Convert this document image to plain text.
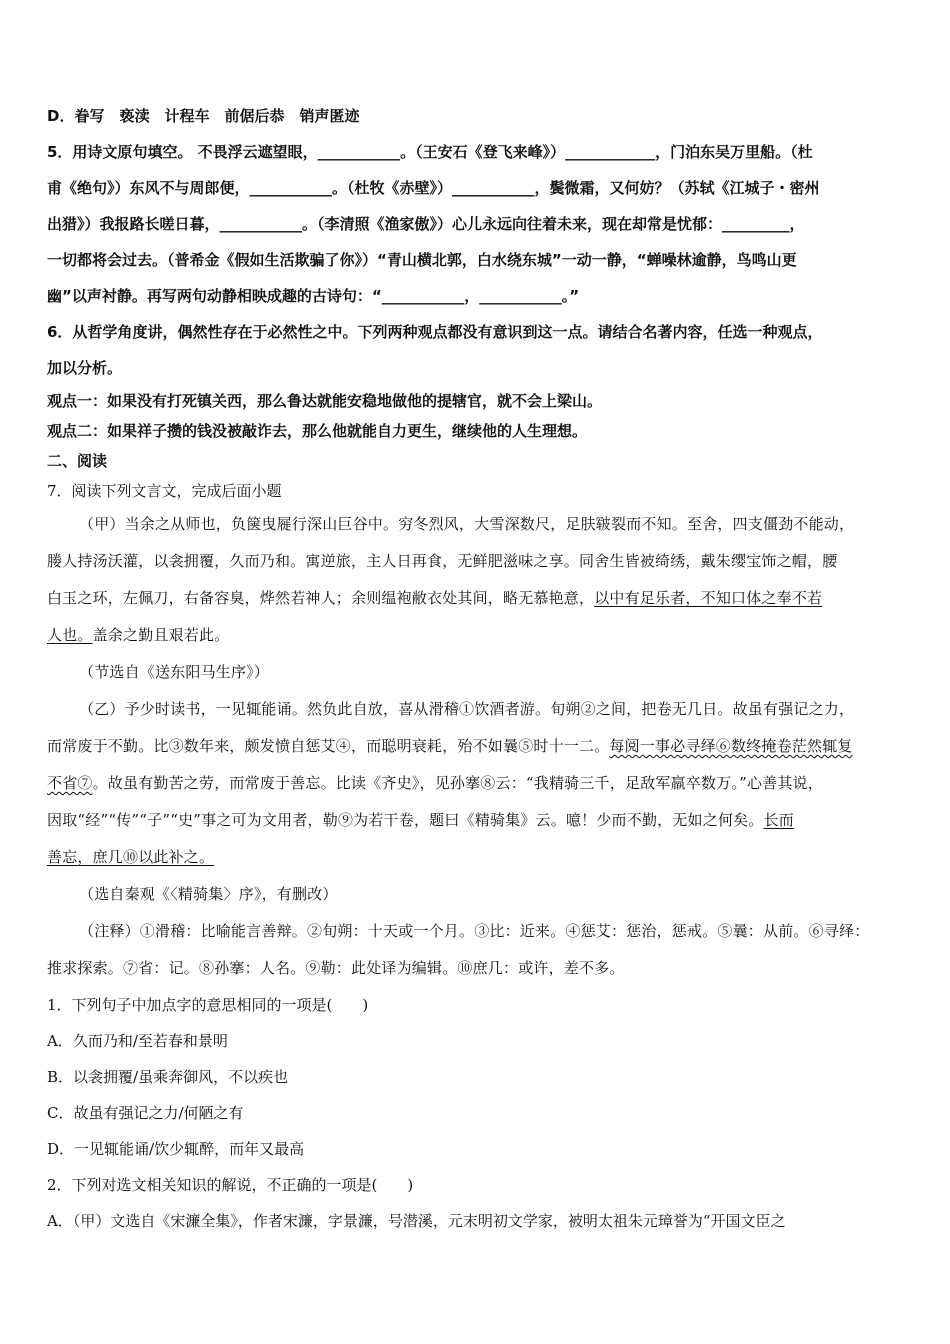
D．眷写　亵渎　计程车　前倨后恭　销声匿迹
5．用诗文原句填空。 不畏浮云遮望眼，___________。（王安石《登飞来峰》）____________，门泊东吴万里船。（杜
甫《绝句》）东风不与周郎便，___________。（杜牧《赤壁》）___________，鬓微霜，又何妨？（苏轼《江城子・密州
出猎》）我报路长嗟日暮，___________。（李清照《渔家傲》）心儿永远向往着未来，现在却常是忧郁：_________，
一切都将会过去。（普希金《假如生活欺骗了你》）“青山横北郭，白水绕东城”一动一静，“蝉噪林逾静，鸟鸣山更
幽”以声衬静。再写两句动静相映成趣的古诗句：“___________，___________。”
6．从哲学角度讲，偶然性存在于必然性之中。下列两种观点都没有意识到这一点。请结合名著内容，任选一种观点，
加以分析。
观点一：如果没有打死镇关西，那么鲁达就能安稳地做他的提辖官，就不会上梁山。
观点二：如果祥子攒的钱没被敲诈去，那么他就能自力更生，继续他的人生理想。
二、阅读
7．阅读下列文言文，完成后面小题
（甲）当余之从师也，负箧曳屣行深山巨谷中。穷冬烈风，大雪深数尺，足肤皲裂而不知。至舍，四支僵劲不能动，
媵人持汤沃灌，以衾拥覆，久而乃和。寓逆旅，主人日再食，无鲜肥滋味之享。同舍生皆被绮绣，戴朱缨宝饰之帽，腰
白玉之环，左佩刀，右备容臭，烨然若神人；余则缊袍敝衣处其间，略无慕艳意，以中有足乐者，不知口体之奉不若
人也。盖余之勤且艰若此。
（节选自《送东阳马生序》）
（乙）予少时读书，一见辄能诵。然负此自放，喜从滑稽①饮酒者游。旬朔②之间，把卷无几日。故虽有强记之力，
而常废于不勤。比③数年来，颇发愤自惩艾④，而聪明衰耗，殆不如曩⑤时十一二。每阅一事必寻绎⑥数终掩卷茫然辄复
不省⑦。故虽有勤苦之劳，而常废于善忘。比读《齐史》，见孙搴⑧云：“我精骑三千，足敌军羸卒数万。”心善其说，
因取“经”“传”“子”“史”事之可为文用者，勒⑨为若干卷，题曰《精骑集》云。噫！少而不勤，无如之何矣。长而
善忘，庶几⑩以此补之。
（选自秦观《〈精骑集〉序》，有删改）
（注释）①滑稽：比喻能言善辩。②旬朔：十天或一个月。③比：近来。④惩艾：惩治，惩戒。⑤曩：从前。⑥寻绎：
推求探索。⑦省：记。⑧孙搴：人名。⑨勒：此处译为编辑。⑩庶几：或许，差不多。
1．下列句子中加点字的意思相同的一项是(　　)
A．久而乃和/至若春和景明
B．以衾拥覆/虽乘奔御风，不以疾也
C．故虽有强记之力/何陋之有
D．一见辄能诵/饮少辄醉，而年又最高
2．下列对选文相关知识的解说，不正确的一项是(　　)
A．（甲）文选自《宋濂全集》，作者宋濂，字景濂，号潜溪，元末明初文学家，被明太祖朱元璋誉为“开国文臣之
